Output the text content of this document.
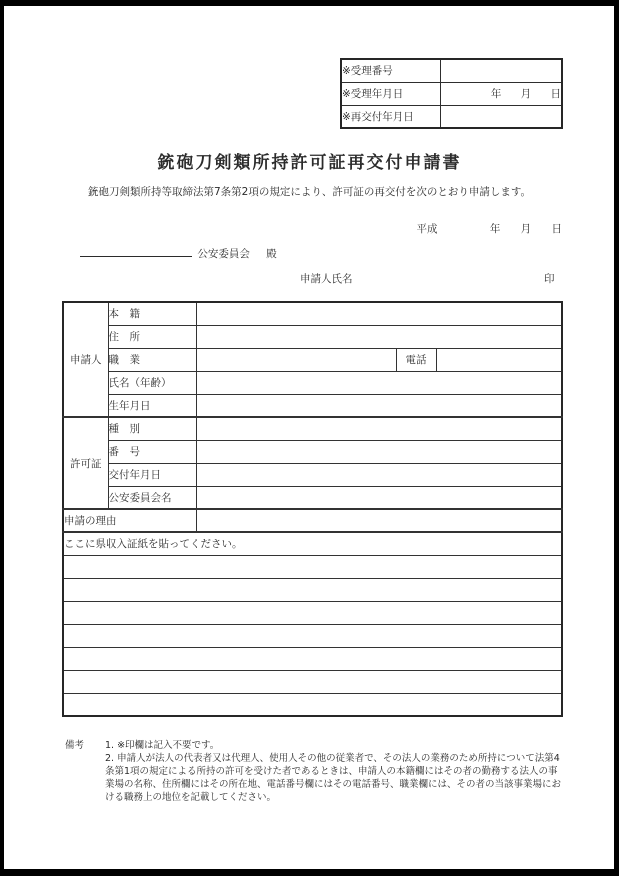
※受理番号	
※受理年月日	年 月 日
※再交付年月日	
銃砲刀剣類所持許可証再交付申請書

銃砲刀剣類所持等取締法第7条第2項の規定により、許可証の再交付を次のとおり申請します。

平成	年 月 日
公安委員会 殿
申請人氏名	印
申請人	本　籍			
	住　所			
	職　業		電話	
	氏名（年齢）			
	生年月日			
許可証	種　別			
	番　号			
	交付年月日			
	公安委員会名			
申請の理由				
ここに県収入証紙を貼ってください。				

備考	1. ※印欄は記入不要です。

2. 申請人が法人の代表者又は代理人、使用人その他の従業者で、その法人の業務のため所持について法第4条第1項の規定による所持の許可を受けた者であるときは、申請人の本籍欄にはその者の勤務する法人の事業場の名称、住所欄にはその所在地、電話番号欄にはその電話番号、職業欄には、その者の当該事業場における職務上の地位を記載してください。
